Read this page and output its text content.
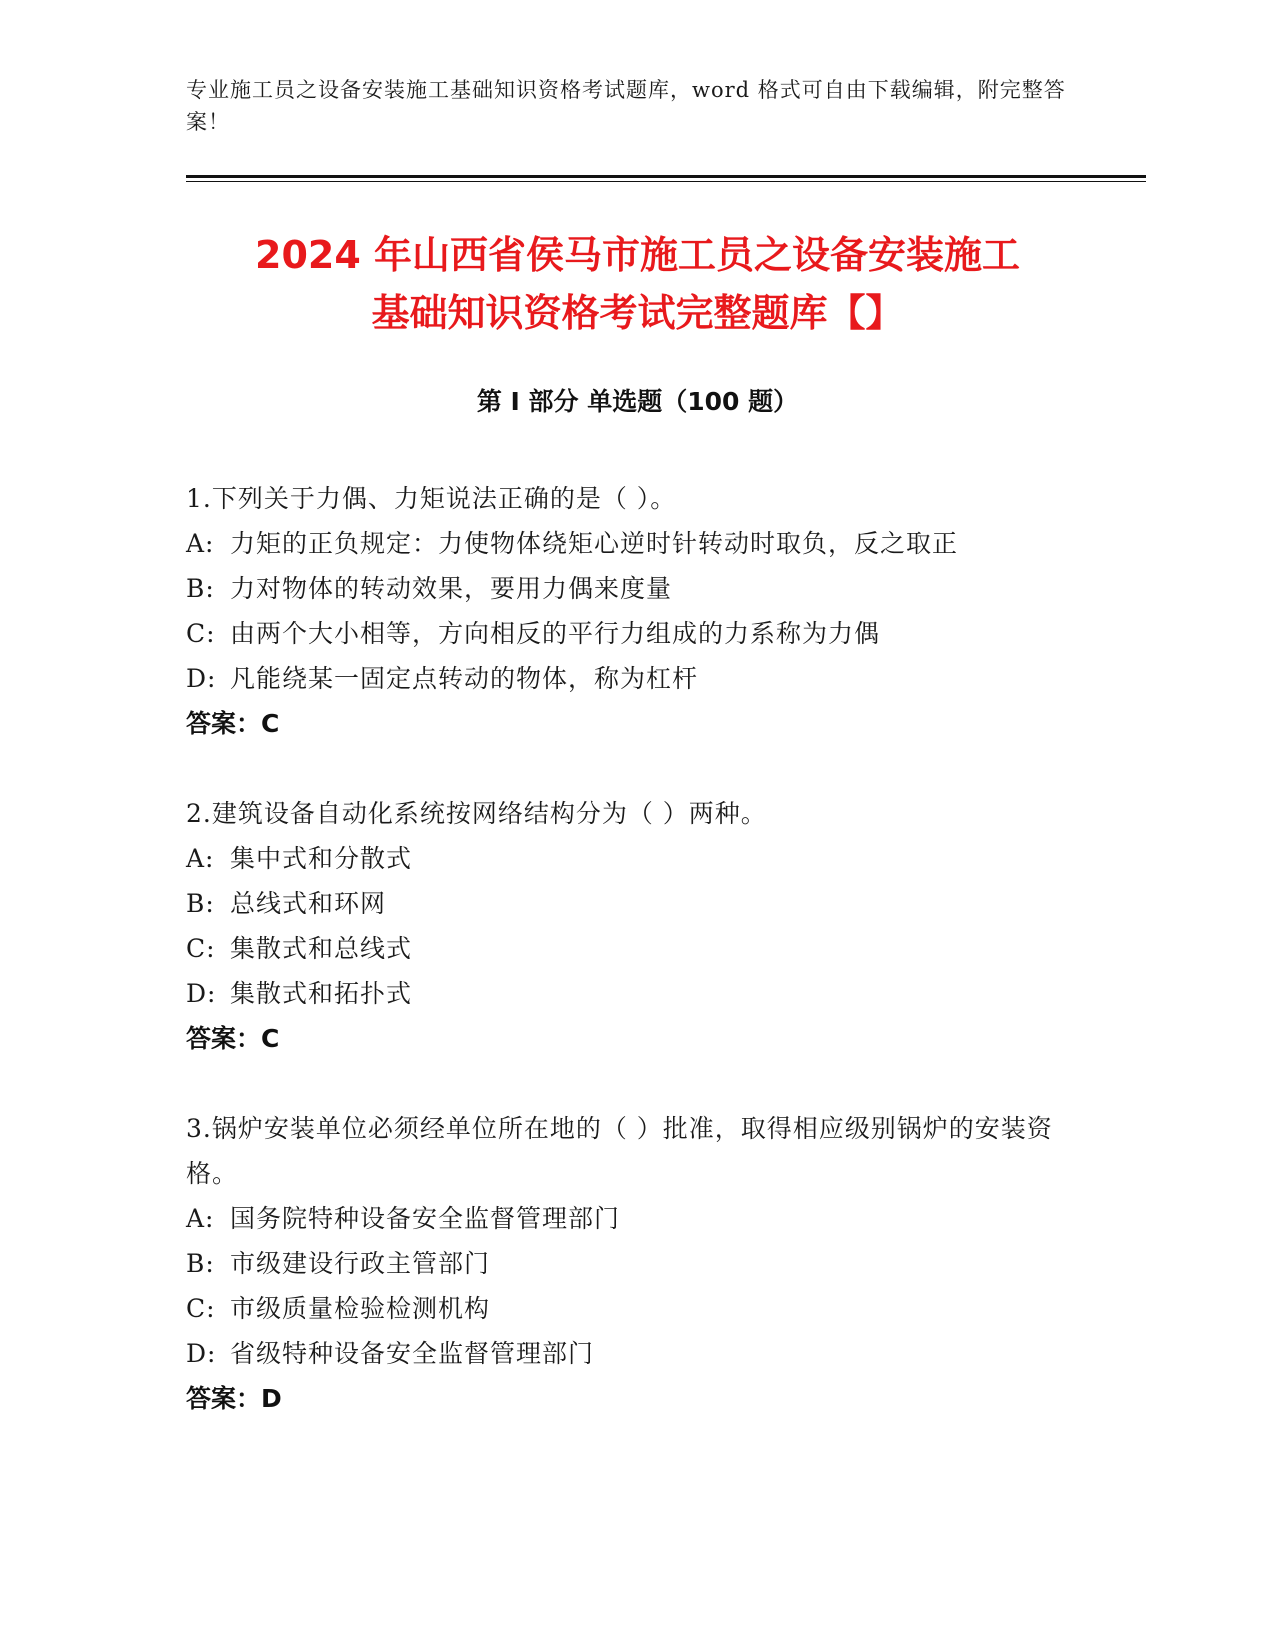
专业施工员之设备安装施工基础知识资格考试题库，word 格式可自由下载编辑，附完整答案！
2024 年山西省侯马市施工员之设备安装施工
基础知识资格考试完整题库【】
第 I 部分 单选题（100 题）

1.下列关于力偶、力矩说法正确的是（ ）。

A: 力矩的正负规定：力使物体绕矩心逆时针转动时取负，反之取正

B: 力对物体的转动效果，要用力偶来度量

C: 由两个大小相等，方向相反的平行力组成的力系称为力偶

D: 凡能绕某一固定点转动的物体，称为杠杆

答案：C

2.建筑设备自动化系统按网络结构分为（ ）两种。

A: 集中式和分散式

B: 总线式和环网

C: 集散式和总线式

D: 集散式和拓扑式

答案：C

3.锅炉安装单位必须经单位所在地的（ ）批准，取得相应级别锅炉的安装资格。

A: 国务院特种设备安全监督管理部门

B: 市级建设行政主管部门

C: 市级质量检验检测机构

D: 省级特种设备安全监督管理部门

答案：D
